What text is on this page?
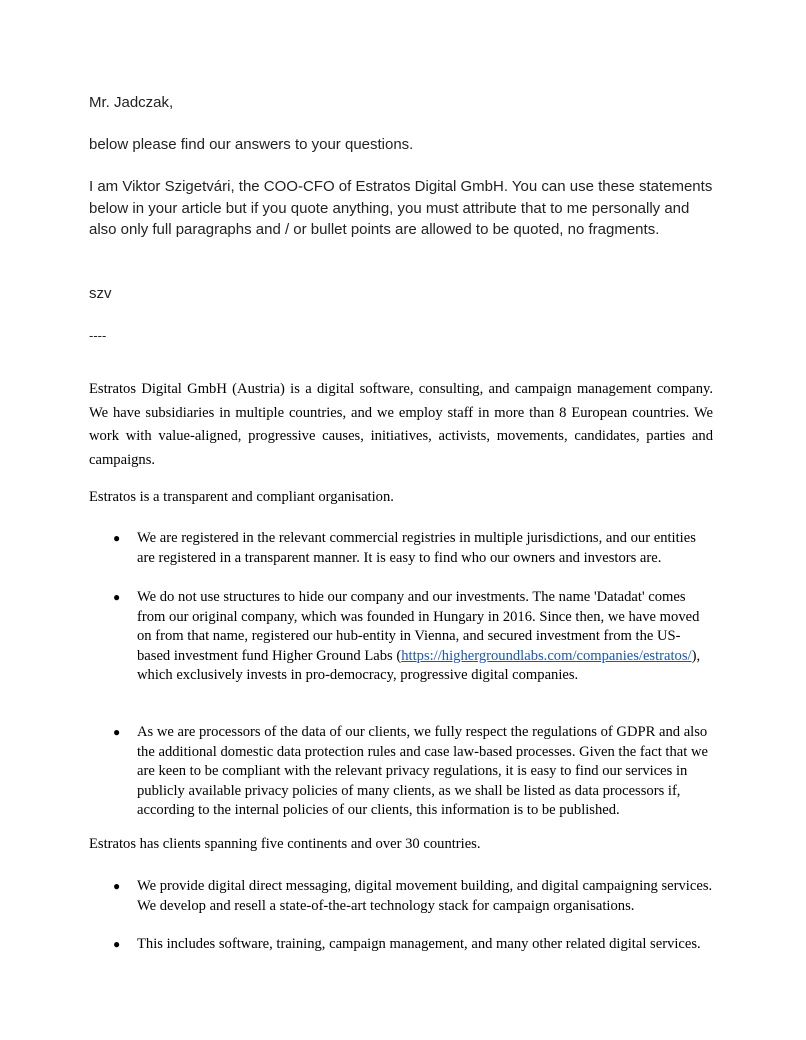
Mr. Jadczak,

below please find our answers to your questions.

I am Viktor Szigetvári, the COO-CFO of Estratos Digital GmbH. You can use these statements below in your article but if you quote anything, you must attribute that to me personally and also only full paragraphs and / or bullet points are allowed to be quoted, no fragments.

szv

----

Estratos Digital GmbH (Austria) is a digital software, consulting, and campaign management company. We have subsidiaries in multiple countries, and we employ staff in more than 8 European countries. We work with value-aligned, progressive causes, initiatives, activists, movements, candidates, parties and campaigns.

Estratos is a transparent and compliant organisation.

● We are registered in the relevant commercial registries in multiple jurisdictions, and our entities are registered in a transparent manner. It is easy to find who our owners and investors are.
● We do not use structures to hide our company and our investments. The name 'Datadat' comes from our original company, which was founded in Hungary in 2016. Since then, we have moved on from that name, registered our hub-entity in Vienna, and secured investment from the US-based investment fund Higher Ground Labs (https://highergroundlabs.com/companies/estratos/), which exclusively invests in pro-democracy, progressive digital companies.
● As we are processors of the data of our clients, we fully respect the regulations of GDPR and also the additional domestic data protection rules and case law-based processes. Given the fact that we are keen to be compliant with the relevant privacy regulations, it is easy to find our services in publicly available privacy policies of many clients, as we shall be listed as data processors if, according to the internal policies of our clients, this information is to be published.

Estratos has clients spanning five continents and over 30 countries.

● We provide digital direct messaging, digital movement building, and digital campaigning services. We develop and resell a state-of-the-art technology stack for campaign organisations.
● This includes software, training, campaign management, and many other related digital services.
